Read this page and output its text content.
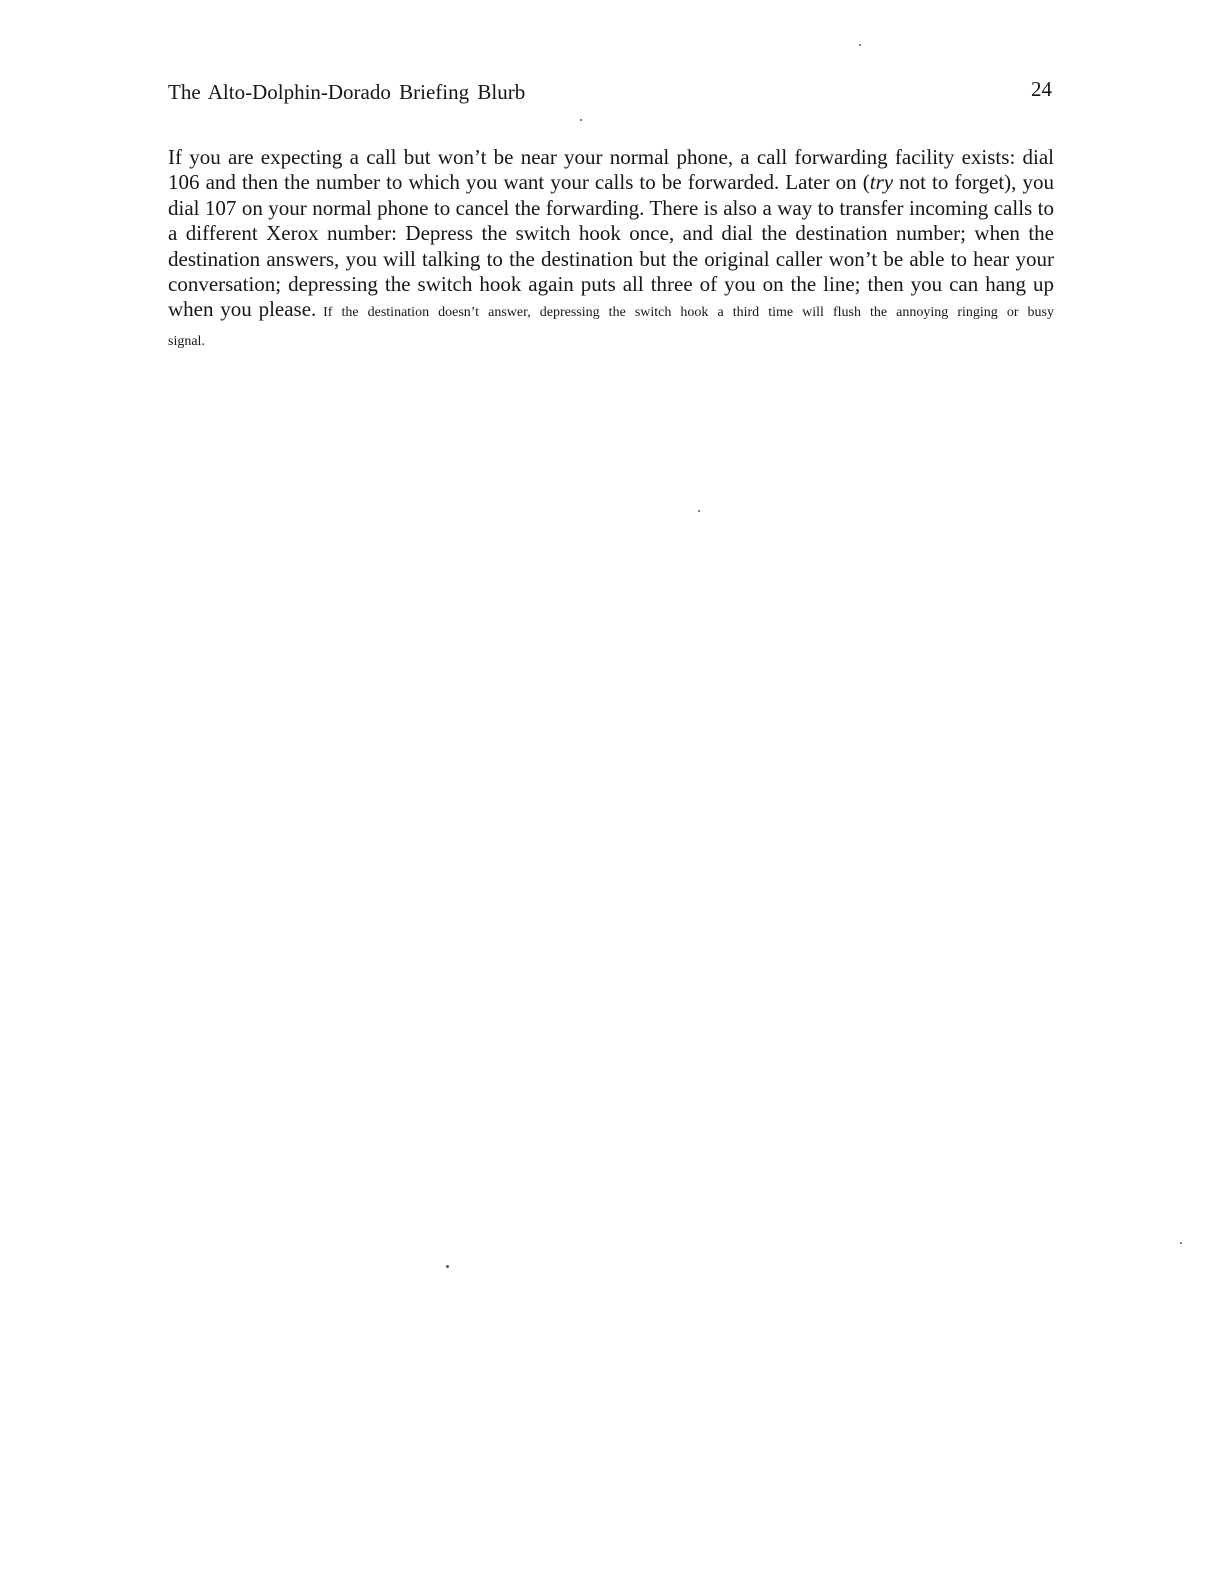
The Alto-Dolphin-Dorado Briefing Blurb	24

If you are expecting a call but won’t be near your normal phone, a call forwarding facility exists: dial 106 and then the number to which you want your calls to be forwarded. Later on (try not to forget), you dial 107 on your normal phone to cancel the forwarding. There is also a way to transfer incoming calls to a different Xerox number: Depress the switch hook once, and dial the destination number; when the destination answers, you will talking to the destination but the original caller won’t be able to hear your conversation; depressing the switch hook again puts all three of you on the line; then you can hang up when you please. If the destination doesn’t answer, depressing the switch hook a third time will flush the annoying ringing or busy signal.
